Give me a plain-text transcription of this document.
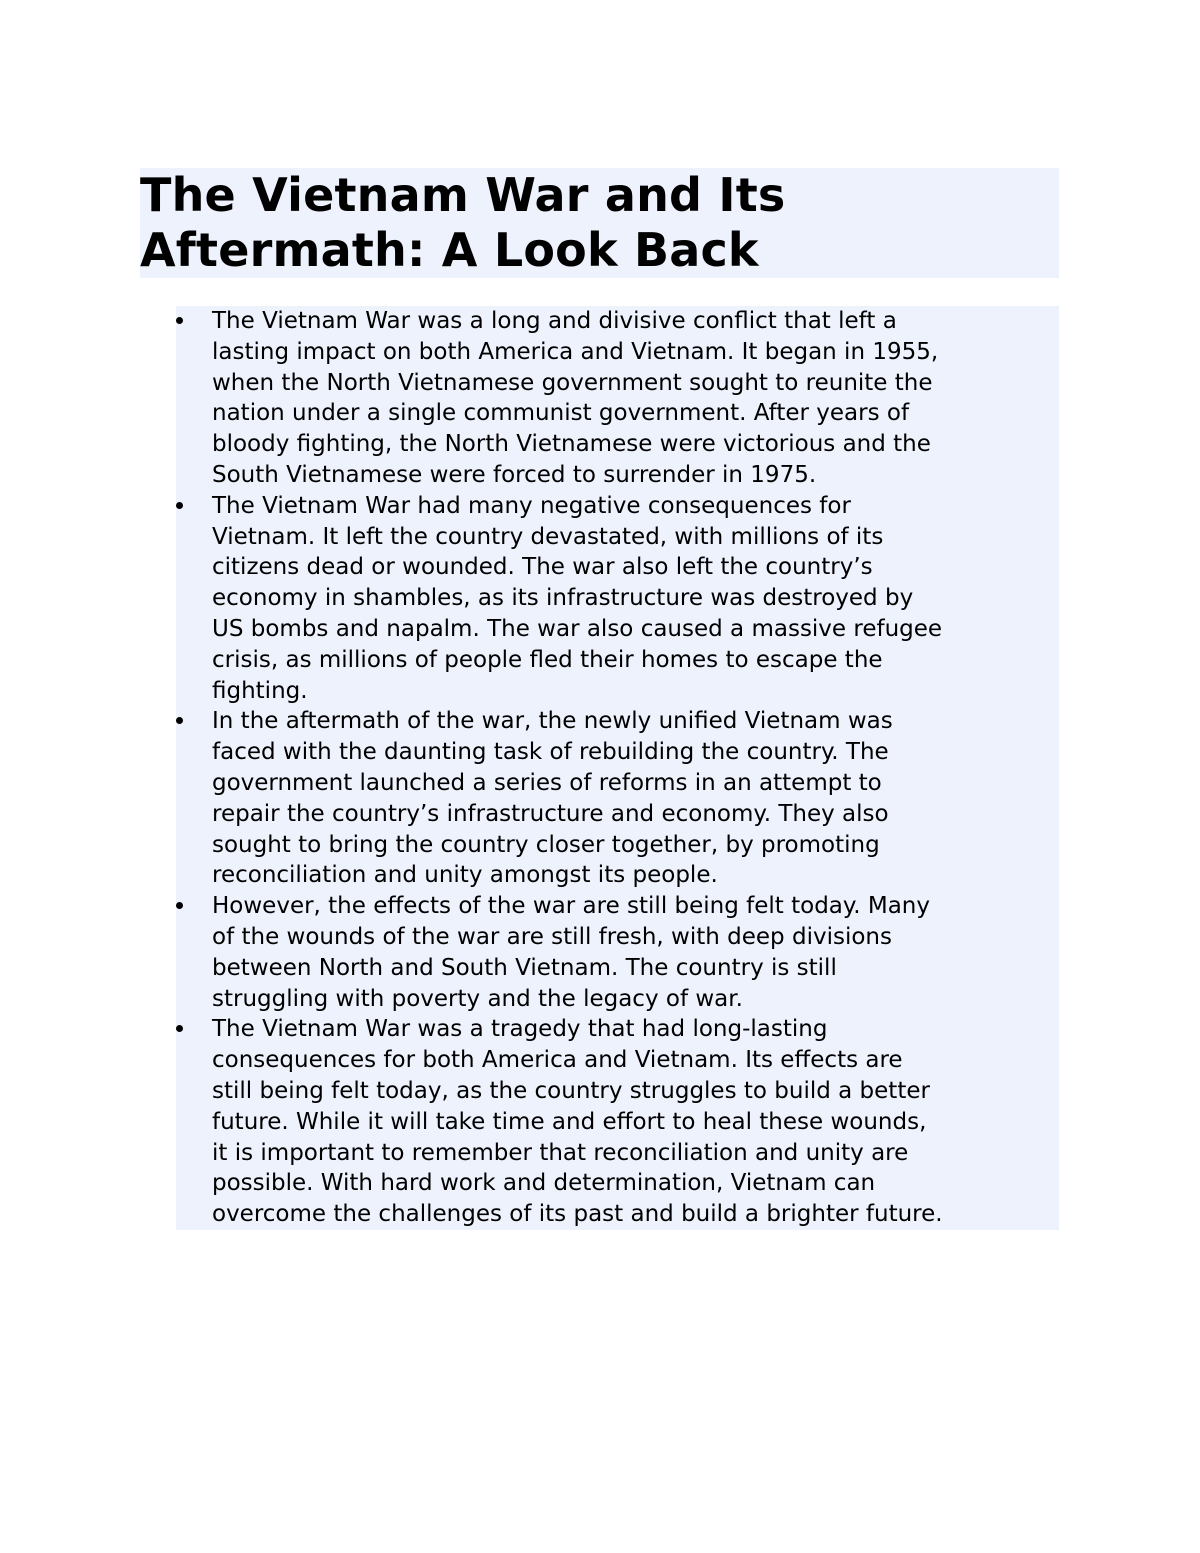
The Vietnam War and Its
Aftermath: A Look Back
The Vietnam War was a long and divisive conflict that left a
lasting impact on both America and Vietnam. It began in 1955,
when the North Vietnamese government sought to reunite the
nation under a single communist government. After years of
bloody fighting, the North Vietnamese were victorious and the
South Vietnamese were forced to surrender in 1975.
The Vietnam War had many negative consequences for
Vietnam. It left the country devastated, with millions of its
citizens dead or wounded. The war also left the country’s
economy in shambles, as its infrastructure was destroyed by
US bombs and napalm. The war also caused a massive refugee
crisis, as millions of people fled their homes to escape the
fighting.
In the aftermath of the war, the newly unified Vietnam was
faced with the daunting task of rebuilding the country. The
government launched a series of reforms in an attempt to
repair the country’s infrastructure and economy. They also
sought to bring the country closer together, by promoting
reconciliation and unity amongst its people.
However, the effects of the war are still being felt today. Many
of the wounds of the war are still fresh, with deep divisions
between North and South Vietnam. The country is still
struggling with poverty and the legacy of war.
The Vietnam War was a tragedy that had long-lasting
consequences for both America and Vietnam. Its effects are
still being felt today, as the country struggles to build a better
future. While it will take time and effort to heal these wounds,
it is important to remember that reconciliation and unity are
possible. With hard work and determination, Vietnam can
overcome the challenges of its past and build a brighter future.
